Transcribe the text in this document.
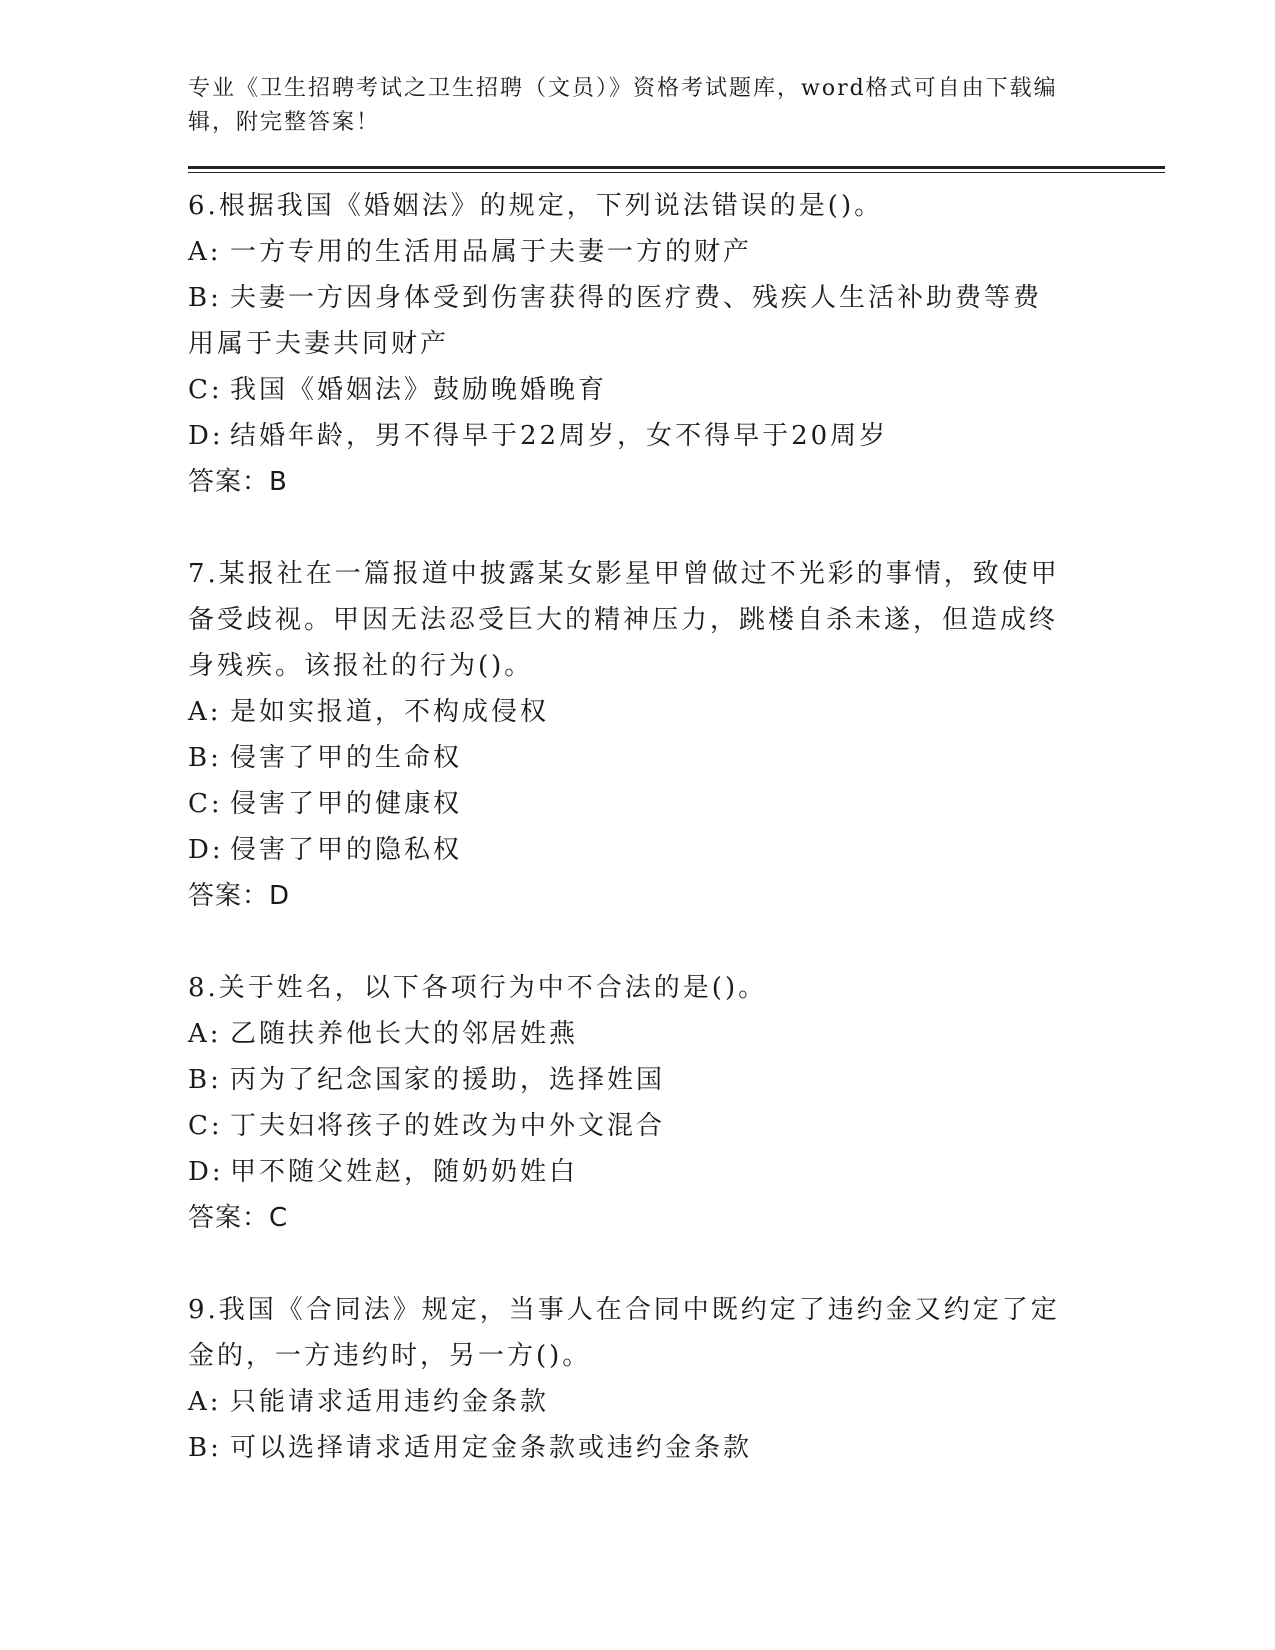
专业《卫生招聘考试之卫生招聘（文员）》资格考试题库，word格式可自由下载编辑，附完整答案！

6.根据我国《婚姻法》的规定，下列说法错误的是()。
A: 一方专用的生活用品属于夫妻一方的财产
B: 夫妻一方因身体受到伤害获得的医疗费、残疾人生活补助费等费用属于夫妻共同财产
C: 我国《婚姻法》鼓励晚婚晚育
D: 结婚年龄，男不得早于22周岁，女不得早于20周岁
答案：B
7.某报社在一篇报道中披露某女影星甲曾做过不光彩的事情，致使甲备受歧视。甲因无法忍受巨大的精神压力，跳楼自杀未遂，但造成终身残疾。该报社的行为()。
A: 是如实报道，不构成侵权
B: 侵害了甲的生命权
C: 侵害了甲的健康权
D: 侵害了甲的隐私权
答案：D
8.关于姓名，以下各项行为中不合法的是()。
A: 乙随扶养他长大的邻居姓燕
B: 丙为了纪念国家的援助，选择姓国
C: 丁夫妇将孩子的姓改为中外文混合
D: 甲不随父姓赵，随奶奶姓白
答案：C
9.我国《合同法》规定，当事人在合同中既约定了违约金又约定了定金的，一方违约时，另一方()。
A: 只能请求适用违约金条款
B: 可以选择请求适用定金条款或违约金条款
